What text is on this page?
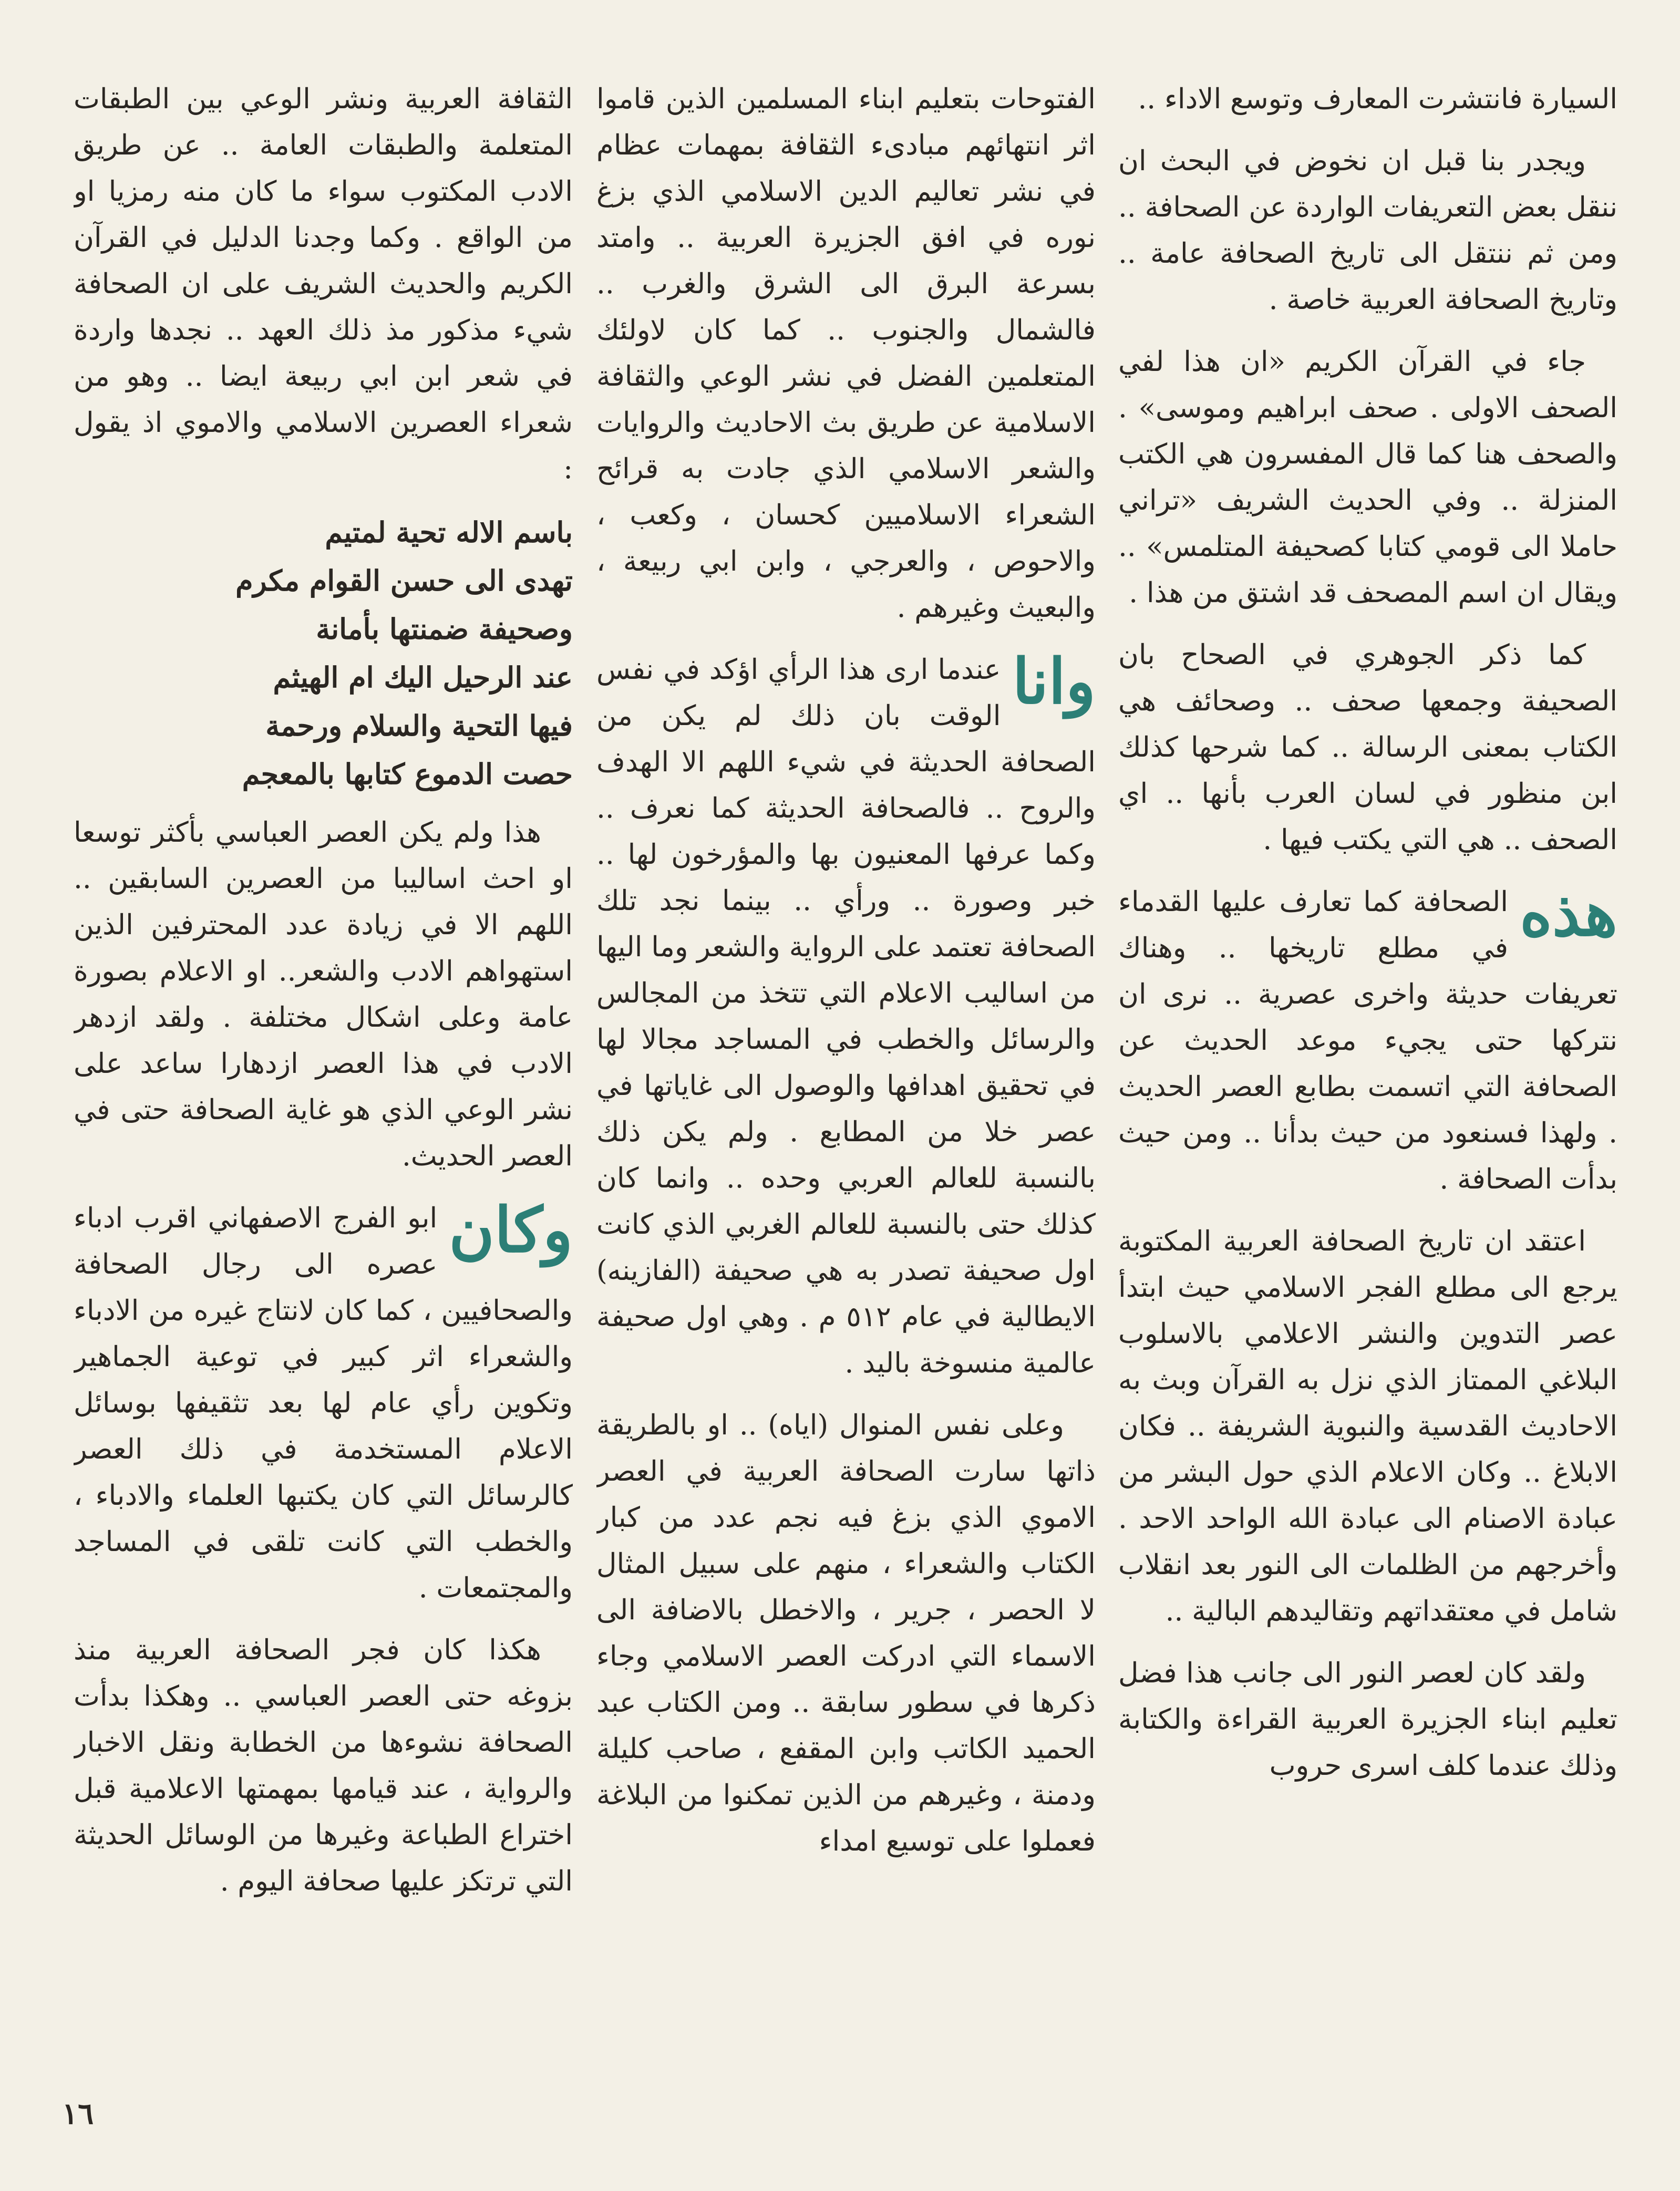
السيارة فانتشرت المعارف وتوسع الاداء ..

ويجدر بنا قبل ان نخوض في البحث ان ننقل بعض التعريفات الواردة عن الصحافة .. ومن ثم ننتقل الى تاريخ الصحافة عامة .. وتاريخ الصحافة العربية خاصة .

جاء في القرآن الكريم «ان هذا لفي الصحف الاولى . صحف ابراهيم وموسى» . والصحف هنا كما قال المفسرون هي الكتب المنزلة .. وفي الحديث الشريف «تراني حاملا الى قومي كتابا كصحيفة المتلمس» .. ويقال ان اسم المصحف قد اشتق من هذا .

كما ذكر الجوهري في الصحاح بان الصحيفة وجمعها صحف .. وصحائف هي الكتاب بمعنى الرسالة .. كما شرحها كذلك ابن منظور في لسان العرب بأنها .. اي الصحف .. هي التي يكتب فيها .

هذه
الصحافة كما تعارف عليها القدماء في مطلع تاريخها .. وهناك تعريفات حديثة واخرى عصرية .. نرى ان نتركها حتى يجيء موعد الحديث عن الصحافة التي اتسمت بطابع العصر الحديث . ولهذا فسنعود من حيث بدأنا .. ومن حيث بدأت الصحافة .

اعتقد ان تاريخ الصحافة العربية المكتوبة يرجع الى مطلع الفجر الاسلامي حيث ابتدأ عصر التدوين والنشر الاعلامي بالاسلوب البلاغي الممتاز الذي نزل به القرآن وبث به الاحاديث القدسية والنبوية الشريفة .. فكان الابلاغ .. وكان الاعلام الذي حول البشر من عبادة الاصنام الى عبادة الله الواحد الاحد . وأخرجهم من الظلمات الى النور بعد انقلاب شامل في معتقداتهم وتقاليدهم البالية ..

ولقد كان لعصر النور الى جانب هذا فضل تعليم ابناء الجزيرة العربية القراءة والكتابة وذلك عندما كلف اسرى حروب

الفتوحات بتعليم ابناء المسلمين الذين قاموا اثر انتهائهم مبادىء الثقافة بمهمات عظام في نشر تعاليم الدين الاسلامي الذي بزغ نوره في افق الجزيرة العربية .. وامتد بسرعة البرق الى الشرق والغرب .. فالشمال والجنوب .. كما كان لاولئك المتعلمين الفضل في نشر الوعي والثقافة الاسلامية عن طريق بث الاحاديث والروايات والشعر الاسلامي الذي جادت به قرائح الشعراء الاسلاميين كحسان ، وكعب ، والاحوص ، والعرجي ، وابن ابي ربيعة ، والبعيث وغيرهم .

وانا
عندما ارى هذا الرأي اؤكد في نفس الوقت بان ذلك لم يكن من الصحافة الحديثة في شيء اللهم الا الهدف والروح .. فالصحافة الحديثة كما نعرف .. وكما عرفها المعنيون بها والمؤرخون لها .. خبر وصورة .. ورأي .. بينما نجد تلك الصحافة تعتمد على الرواية والشعر وما اليها من اساليب الاعلام التي تتخذ من المجالس والرسائل والخطب في المساجد مجالا لها في تحقيق اهدافها والوصول الى غاياتها في عصر خلا من المطابع . ولم يكن ذلك بالنسبة للعالم العربي وحده .. وانما كان كذلك حتى بالنسبة للعالم الغربي الذي كانت اول صحيفة تصدر به هي صحيفة (الفازينه) الايطالية في عام ٥١٢ م . وهي اول صحيفة عالمية منسوخة باليد .

وعلى نفس المنوال (اياه) .. او بالطريقة ذاتها سارت الصحافة العربية في العصر الاموي الذي بزغ فيه نجم عدد من كبار الكتاب والشعراء ، منهم على سبيل المثال لا الحصر ، جرير ، والاخطل بالاضافة الى الاسماء التي ادركت العصر الاسلامي وجاء ذكرها في سطور سابقة .. ومن الكتاب عبد الحميد الكاتب وابن المقفع ، صاحب كليلة ودمنة ، وغيرهم من الذين تمكنوا من البلاغة فعملوا على توسيع امداء

الثقافة العربية ونشر الوعي بين الطبقات المتعلمة والطبقات العامة .. عن طريق الادب المكتوب سواء ما كان منه رمزيا او من الواقع . وكما وجدنا الدليل في القرآن الكريم والحديث الشريف على ان الصحافة شيء مذكور مذ ذلك العهد .. نجدها واردة في شعر ابن ابي ربيعة ايضا .. وهو من شعراء العصرين الاسلامي والاموي اذ يقول :

باسم الاله تحية لمتيم
تهدى الى حسن القوام مكرم
وصحيفة ضمنتها بأمانة
عند الرحيل اليك ام الهيثم
فيها التحية والسلام ورحمة
حصت الدموع كتابها بالمعجم

هذا ولم يكن العصر العباسي بأكثر توسعا او احث اساليبا من العصرين السابقين .. اللهم الا في زيادة عدد المحترفين الذين استهواهم الادب والشعر.. او الاعلام بصورة عامة وعلى اشكال مختلفة . ولقد ازدهر الادب في هذا العصر ازدهارا ساعد على نشر الوعي الذي هو غاية الصحافة حتى في العصر الحديث.

وكان
ابو الفرج الاصفهاني اقرب ادباء عصره الى رجال الصحافة والصحافيين ، كما كان لانتاج غيره من الادباء والشعراء اثر كبير في توعية الجماهير وتكوين رأي عام لها بعد تثقيفها بوسائل الاعلام المستخدمة في ذلك العصر كالرسائل التي كان يكتبها العلماء والادباء ، والخطب التي كانت تلقى في المساجد والمجتمعات .

هكذا كان فجر الصحافة العربية منذ بزوغه حتى العصر العباسي .. وهكذا بدأت الصحافة نشوءها من الخطابة ونقل الاخبار والرواية ، عند قيامها بمهمتها الاعلامية قبل اختراع الطباعة وغيرها من الوسائل الحديثة التي ترتكز عليها صحافة اليوم .

١٦
